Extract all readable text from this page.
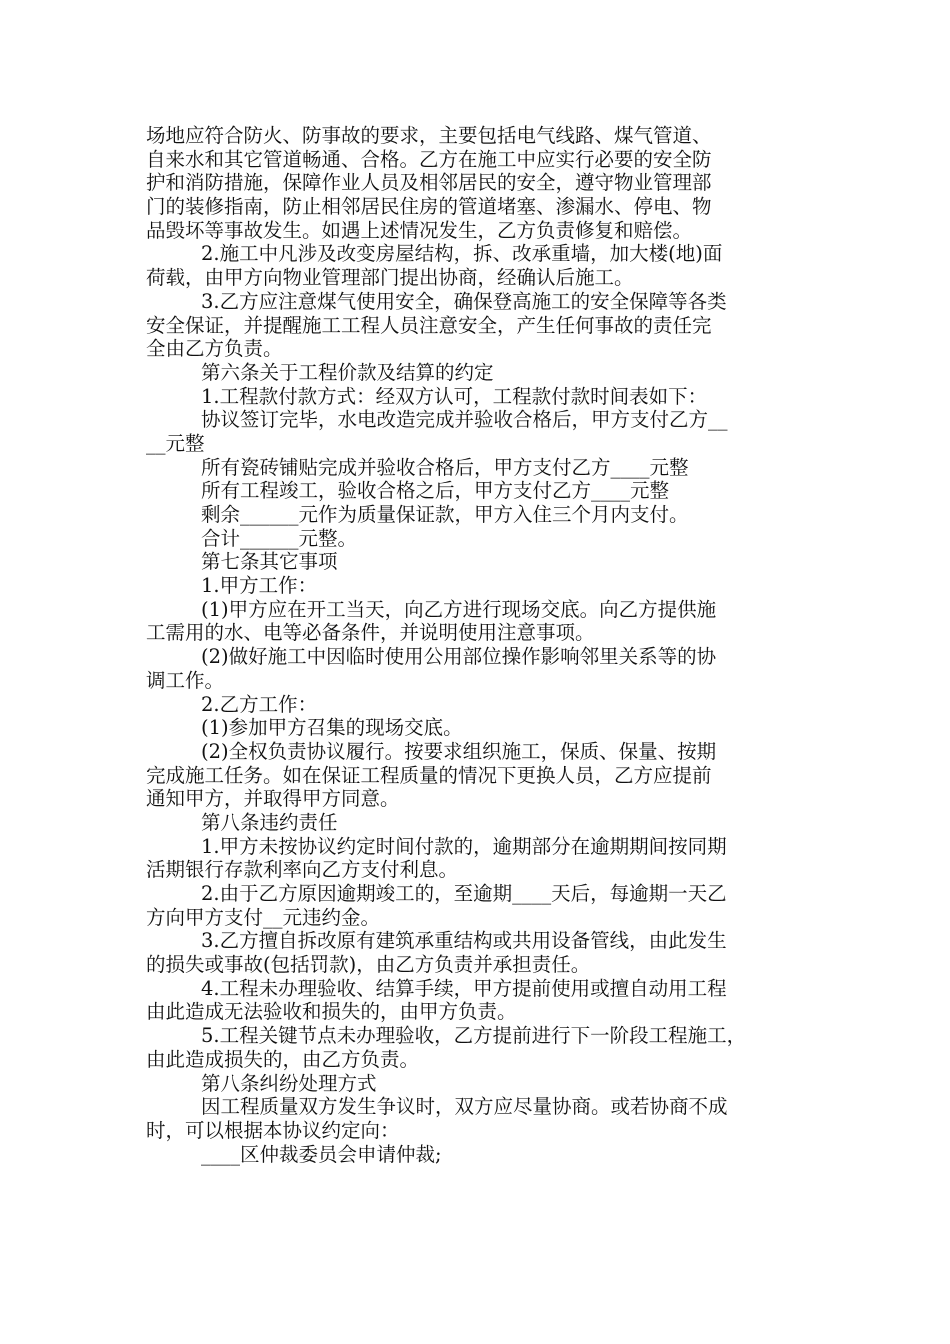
场地应符合防火、防事故的要求，主要包括电气线路、煤气管道、
自来水和其它管道畅通、合格。乙方在施工中应实行必要的安全防
护和消防措施，保障作业人员及相邻居民的安全，遵守物业管理部
门的装修指南，防止相邻居民住房的管道堵塞、渗漏水、停电、物
品毁坏等事故发生。如遇上述情况发生，乙方负责修复和赔偿。
2.施工中凡涉及改变房屋结构，拆、改承重墙，加大楼(地)面
荷载，由甲方向物业管理部门提出协商，经确认后施工。
3.乙方应注意煤气使用安全，确保登高施工的安全保障等各类
安全保证，并提醒施工工程人员注意安全，产生任何事故的责任完
全由乙方负责。
第六条关于工程价款及结算的约定
1.工程款付款方式：经双方认可，工程款付款时间表如下：
协议签订完毕，水电改造完成并验收合格后，甲方支付乙方__
__元整
所有瓷砖铺贴完成并验收合格后，甲方支付乙方____元整
所有工程竣工，验收合格之后，甲方支付乙方____元整
剩余______元作为质量保证款，甲方入住三个月内支付。
合计______元整。
第七条其它事项
1.甲方工作：
(1)甲方应在开工当天，向乙方进行现场交底。向乙方提供施
工需用的水、电等必备条件，并说明使用注意事项。
(2)做好施工中因临时使用公用部位操作影响邻里关系等的协
调工作。
2.乙方工作：
(1)参加甲方召集的现场交底。
(2)全权负责协议履行。按要求组织施工，保质、保量、按期
完成施工任务。如在保证工程质量的情况下更换人员，乙方应提前
通知甲方，并取得甲方同意。
第八条违约责任
1.甲方未按协议约定时间付款的，逾期部分在逾期期间按同期
活期银行存款利率向乙方支付利息。
2.由于乙方原因逾期竣工的，至逾期____天后，每逾期一天乙
方向甲方支付__元违约金。
3.乙方擅自拆改原有建筑承重结构或共用设备管线，由此发生
的损失或事故(包括罚款)，由乙方负责并承担责任。
4.工程未办理验收、结算手续，甲方提前使用或擅自动用工程
由此造成无法验收和损失的，由甲方负责。
5.工程关键节点未办理验收，乙方提前进行下一阶段工程施工，
由此造成损失的，由乙方负责。
第八条纠纷处理方式
因工程质量双方发生争议时，双方应尽量协商。或若协商不成
时，可以根据本协议约定向：
____区仲裁委员会申请仲裁;
